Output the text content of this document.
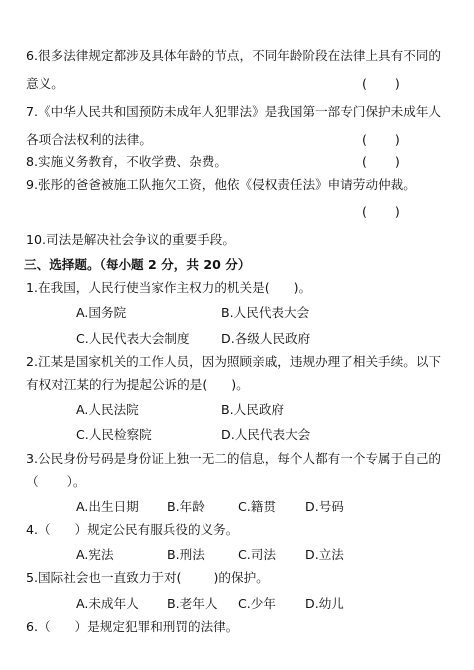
6.很多法律规定都涉及具体年龄的节点，不同年龄阶段在法律上具有不同的
意义。	(       )
7.《中华人民共和国预防未成年人犯罪法》是我国第一部专门保护未成年人
各项合法权利的法律。	(       )
8.实施义务教育，不收学费、杂费。	(       )
9.张彤的爸爸被施工队拖欠工资，他依《侵权责任法》申请劳动仲裁。
(       )
10.司法是解决社会争议的重要手段。
三、选择题。（每小题 2 分，共 20 分）
1.在我国，人民行使当家作主权力的机关是(      )。
A.国务院	B.人民代表大会
C.人民代表大会制度 D.各级人民政府
2.江某是国家机关的工作人员，因为照顾亲戚，违规办理了相关手续。以下
有权对江某的行为提起公诉的是(      )。
A.人民法院	B.人民政府
C.人民检察院	D.人民代表大会
3.公民身份号码是身份证上独一无二的信息，每个人都有一个专属于自己的
（       ）。
A.出生日期 B.年龄	C.籍贯 D.号码
4.（      ）规定公民有服兵役的义务。
A.宪法	B.刑法	C.司法 D.立法
5.国际社会也一直致力于对(        )的保护。
A.未成年人 B.老年人 C.少年 D.幼儿
6.（      ）是规定犯罪和刑罚的法律。
